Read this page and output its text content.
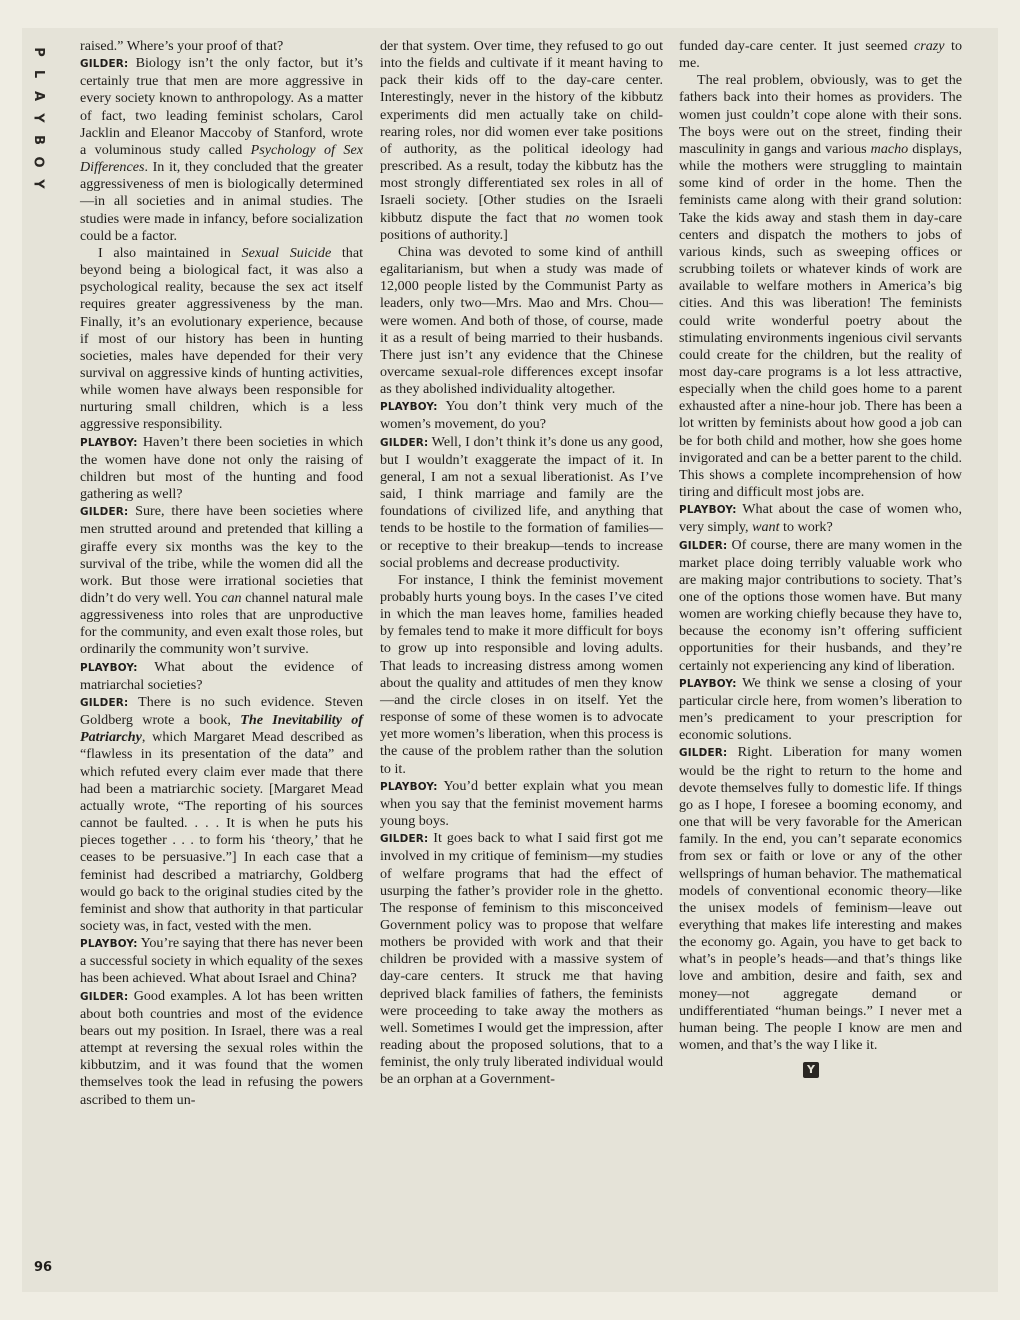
P
L
A
Y
B
O
Y
96

raised.” Where’s your proof of that?

GILDER: Biology isn’t the only factor, but it’s certainly true that men are more aggressive in every society known to anthropology. As a matter of fact, two leading feminist scholars, Carol Jacklin and Eleanor Maccoby of Stanford, wrote a voluminous study called Psychology of Sex Differences. In it, they concluded that the greater aggressiveness of men is biologically determined—in all societies and in animal studies. The studies were made in infancy, before socialization could be a factor.

I also maintained in Sexual Suicide that beyond being a biological fact, it was also a psychological reality, because the sex act itself requires greater aggressiveness by the man. Finally, it’s an evolutionary experience, because if most of our history has been in hunting societies, males have depended for their very survival on aggressive kinds of hunting activities, while women have always been responsible for nurturing small children, which is a less aggressive responsibility.

PLAYBOY: Haven’t there been societies in which the women have done not only the raising of children but most of the hunting and food gathering as well?

GILDER: Sure, there have been societies where men strutted around and pretended that killing a giraffe every six months was the key to the survival of the tribe, while the women did all the work. But those were irrational societies that didn’t do very well. You can channel natural male aggressiveness into roles that are unproductive for the community, and even exalt those roles, but ordinarily the community won’t survive.

PLAYBOY: What about the evidence of matriarchal societies?

GILDER: There is no such evidence. Steven Goldberg wrote a book, The Inevitability of Patriarchy, which Margaret Mead described as “flawless in its presentation of the data” and which refuted every claim ever made that there had been a matriarchic society. [Margaret Mead actually wrote, “The reporting of his sources cannot be faulted. . . . It is when he puts his pieces together . . . to form his ‘theory,’ that he ceases to be persuasive.”] In each case that a feminist had described a matriarchy, Goldberg would go back to the original studies cited by the feminist and show that authority in that particular society was, in fact, vested with the men.

PLAYBOY: You’re saying that there has never been a successful society in which equality of the sexes has been achieved. What about Israel and China?

GILDER: Good examples. A lot has been written about both countries and most of the evidence bears out my position. In Israel, there was a real attempt at reversing the sexual roles within the kibbutzim, and it was found that the women themselves took the lead in refusing the powers ascribed to them un-

der that system. Over time, they refused to go out into the fields and cultivate if it meant having to pack their kids off to the day-care center. Interestingly, never in the history of the kibbutz experiments did men actually take on child-rearing roles, nor did women ever take positions of authority, as the political ideology had prescribed. As a result, today the kibbutz has the most strongly differentiated sex roles in all of Israeli society. [Other studies on the Israeli kibbutz dispute the fact that no women took positions of authority.]

China was devoted to some kind of anthill egalitarianism, but when a study was made of 12,000 people listed by the Communist Party as leaders, only two—Mrs. Mao and Mrs. Chou—were women. And both of those, of course, made it as a result of being married to their husbands. There just isn’t any evidence that the Chinese overcame sexual-role differences except insofar as they abolished individuality altogether.

PLAYBOY: You don’t think very much of the women’s movement, do you?

GILDER: Well, I don’t think it’s done us any good, but I wouldn’t exaggerate the impact of it. In general, I am not a sexual liberationist. As I’ve said, I think marriage and family are the foundations of civilized life, and anything that tends to be hostile to the formation of families—or receptive to their breakup—tends to increase social problems and decrease productivity.

For instance, I think the feminist movement probably hurts young boys. In the cases I’ve cited in which the man leaves home, families headed by females tend to make it more difficult for boys to grow up into responsible and loving adults. That leads to increasing distress among women about the quality and attitudes of men they know—and the circle closes in on itself. Yet the response of some of these women is to advocate yet more women’s liberation, when this process is the cause of the problem rather than the solution to it.

PLAYBOY: You’d better explain what you mean when you say that the feminist movement harms young boys.

GILDER: It goes back to what I said first got me involved in my critique of feminism—my studies of welfare programs that had the effect of usurping the father’s provider role in the ghetto. The response of feminism to this misconceived Government policy was to propose that welfare mothers be provided with work and that their children be provided with a massive system of day-care centers. It struck me that having deprived black families of fathers, the feminists were proceeding to take away the mothers as well. Sometimes I would get the impression, after reading about the proposed solutions, that to a feminist, the only truly liberated individual would be an orphan at a Government-

funded day-care center. It just seemed crazy to me.

The real problem, obviously, was to get the fathers back into their homes as providers. The women just couldn’t cope alone with their sons. The boys were out on the street, finding their masculinity in gangs and various macho displays, while the mothers were struggling to maintain some kind of order in the home. Then the feminists came along with their grand solution: Take the kids away and stash them in day-care centers and dispatch the mothers to jobs of various kinds, such as sweeping offices or scrubbing toilets or whatever kinds of work are available to welfare mothers in America’s big cities. And this was liberation! The feminists could write wonderful poetry about the stimulating environments ingenious civil servants could create for the children, but the reality of most day-care programs is a lot less attractive, especially when the child goes home to a parent exhausted after a nine-hour job. There has been a lot written by feminists about how good a job can be for both child and mother, how she goes home invigorated and can be a better parent to the child. This shows a complete incomprehension of how tiring and difficult most jobs are.

PLAYBOY: What about the case of women who, very simply, want to work?

GILDER: Of course, there are many women in the market place doing terribly valuable work who are making major contributions to society. That’s one of the options those women have. But many women are working chiefly because they have to, because the economy isn’t offering sufficient opportunities for their husbands, and they’re certainly not experiencing any kind of liberation.

PLAYBOY: We think we sense a closing of your particular circle here, from women’s liberation to men’s predicament to your prescription for economic solutions.

GILDER: Right. Liberation for many women would be the right to return to the home and devote themselves fully to domestic life. If things go as I hope, I foresee a booming economy, and one that will be very favorable for the American family. In the end, you can’t separate economics from sex or faith or love or any of the other wellsprings of human behavior. The mathematical models of conventional economic theory—like the unisex models of feminism—leave out everything that makes life interesting and makes the economy go. Again, you have to get back to what’s in people’s heads—and that’s things like love and ambition, desire and faith, sex and money—not aggregate demand or undifferentiated “human beings.” I never met a human being. The people I know are men and women, and that’s the way I like it.

Y
